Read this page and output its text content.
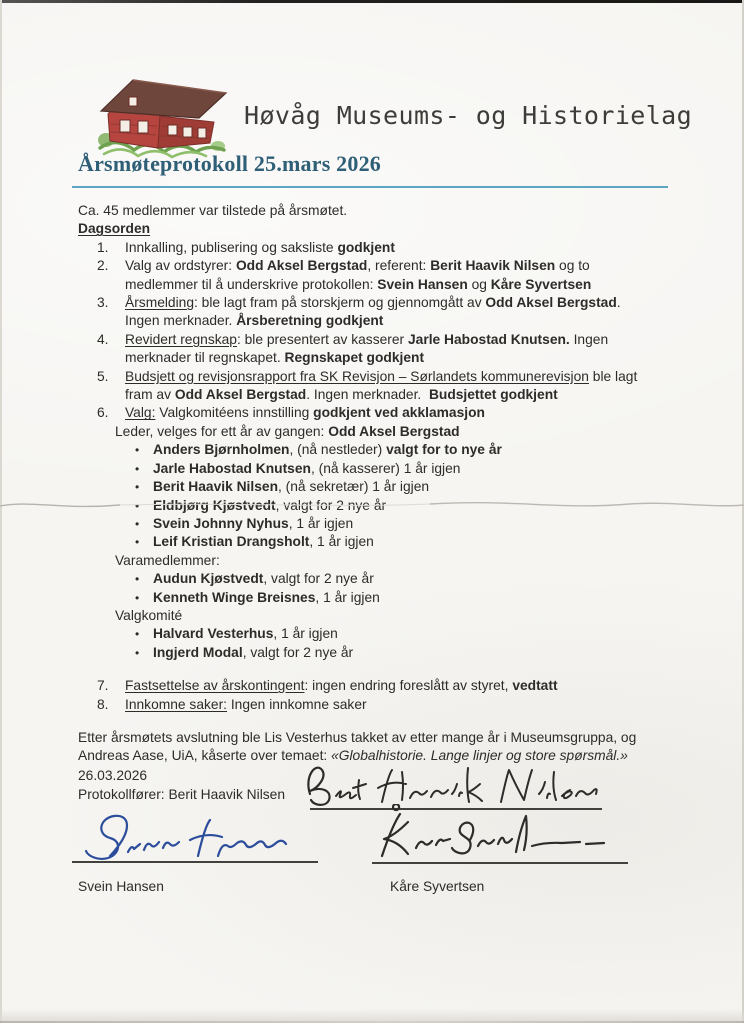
Høvåg Museums- og Historielag
Årsmøteprotokoll 25.mars 2026
Ca. 45 medlemmer var tilstede på årsmøtet.
Dagsorden
1.	Innkalling, publisering og saksliste godkjent
2.	Valg av ordstyrer: Odd Aksel Bergstad, referent: Berit Haavik Nilsen og to
medlemmer til å underskrive protokollen: Svein Hansen og Kåre Syvertsen
3.	Årsmelding: ble lagt fram på storskjerm og gjennomgått av Odd Aksel Bergstad.
Ingen merknader. Årsberetning godkjent
4.	Revidert regnskap: ble presentert av kasserer Jarle Habostad Knutsen. Ingen
merknader til regnskapet. Regnskapet godkjent
5.	Budsjett og revisjonsrapport fra SK Revisjon – Sørlandets kommunerevisjon ble lagt
fram av Odd Aksel Bergstad. Ingen merknader.  Budsjettet godkjent
6.	Valg: Valgkomitéens innstilling godkjent ved akklamasjon
Leder, velges for ett år av gangen: Odd Aksel Bergstad
• Anders Bjørnholmen, (nå nestleder) valgt for to nye år
• Jarle Habostad Knutsen, (nå kasserer) 1 år igjen
• Berit Haavik Nilsen, (nå sekretær) 1 år igjen
• Eldbjørg Kjøstvedt, valgt for 2 nye år
• Svein Johnny Nyhus, 1 år igjen
• Leif Kristian Drangsholt, 1 år igjen
Varamedlemmer:
• Audun Kjøstvedt, valgt for 2 nye år
• Kenneth Winge Breisnes, 1 år igjen
Valgkomité
• Halvard Vesterhus, 1 år igjen
• Ingjerd Modal, valgt for 2 nye år
7.	Fastsettelse av årskontingent: ingen endring foreslått av styret, vedtatt
8.	Innkomne saker: Ingen innkomne saker
Etter årsmøtets avslutning ble Lis Vesterhus takket av etter mange år i Museumsgruppa, og
Andreas Aase, UiA, kåserte over temaet: «Globalhistorie. Lange linjer og store spørsmål.»
26.03.2026
Protokollfører: Berit Haavik Nilsen
Svein Hansen	Kåre Syvertsen
